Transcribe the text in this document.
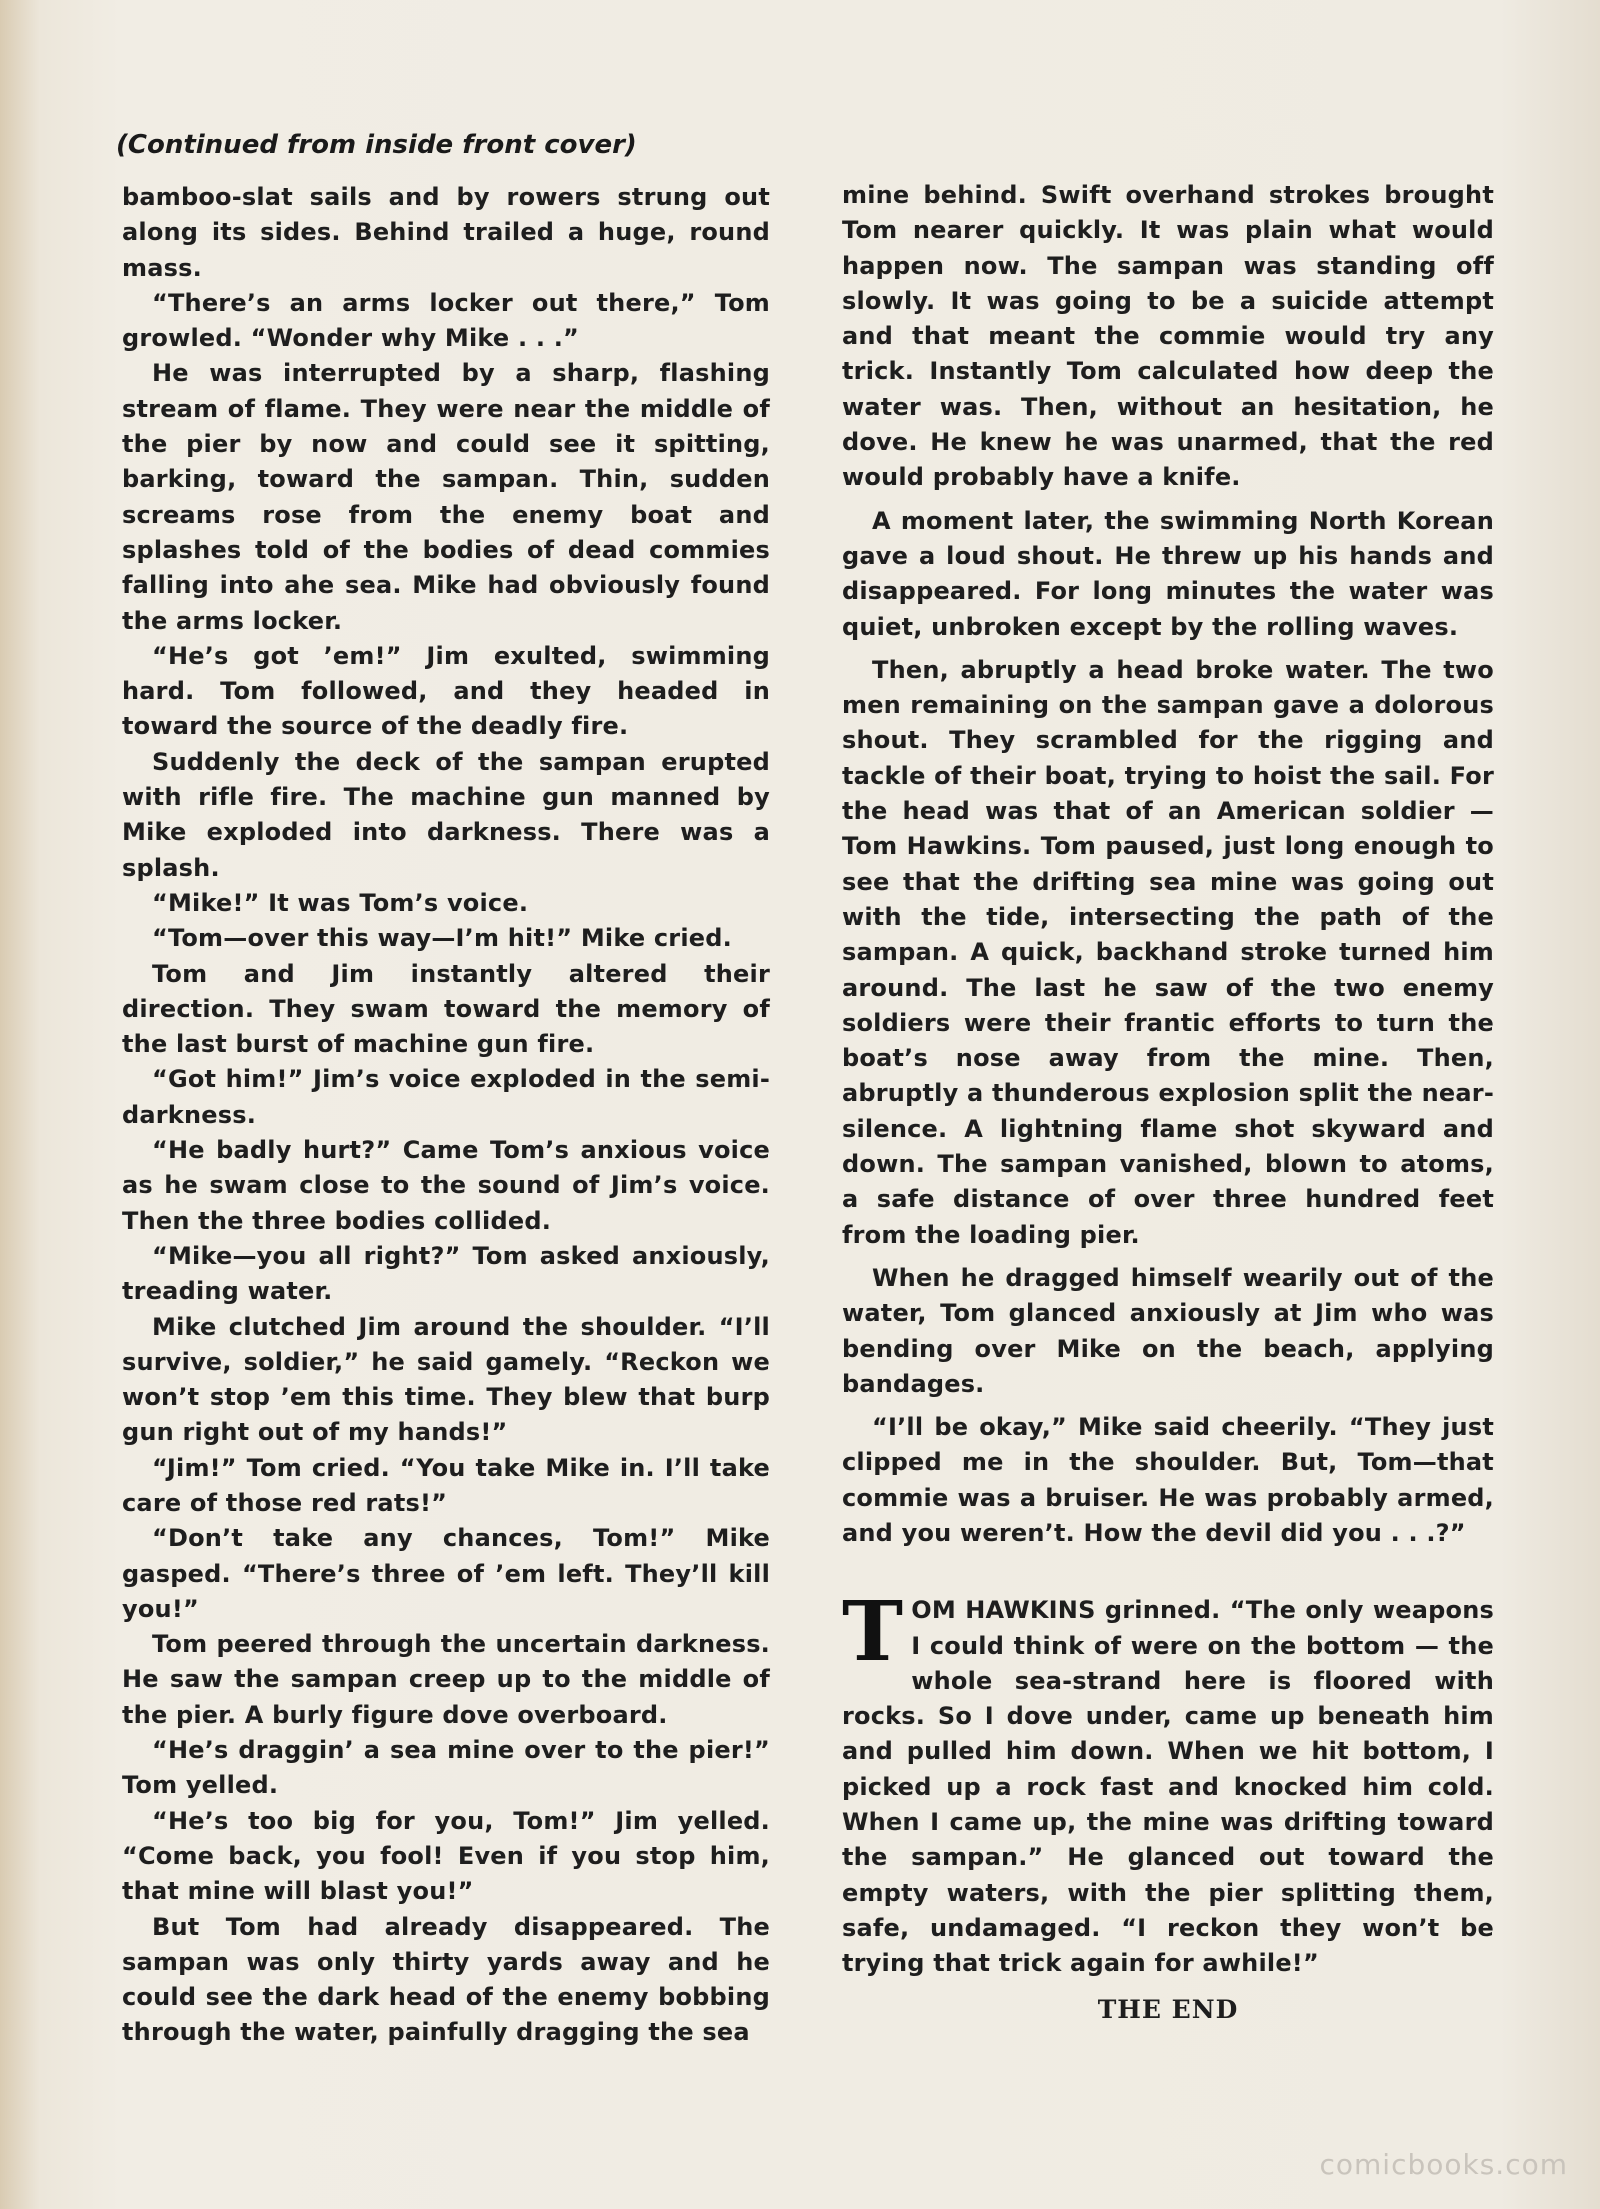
(Continued from inside front cover)

bamboo-slat sails and by rowers strung out along its sides. Behind trailed a huge, round mass.

“There’s an arms locker out there,” Tom growled. “Wonder why Mike . . .”

He was interrupted by a sharp, flashing stream of flame. They were near the middle of the pier by now and could see it spitting, barking, toward the sampan. Thin, sudden screams rose from the enemy boat and splashes told of the bodies of dead commies falling into ahe sea. Mike had obviously found the arms locker.

“He’s got ’em!” Jim exulted, swimming hard. Tom followed, and they headed in toward the source of the deadly fire.

Suddenly the deck of the sampan erupted with rifle fire. The machine gun manned by Mike exploded into darkness. There was a splash.

“Mike!” It was Tom’s voice.

“Tom—over this way—I’m hit!” Mike cried.

Tom and Jim instantly altered their direction. They swam toward the memory of the last burst of machine gun fire.

“Got him!” Jim’s voice exploded in the semi-darkness.

“He badly hurt?” Came Tom’s anxious voice as he swam close to the sound of Jim’s voice. Then the three bodies collided.

“Mike—you all right?” Tom asked anxiously, treading water.

Mike clutched Jim around the shoulder. “I’ll survive, soldier,” he said gamely. “Reckon we won’t stop ’em this time. They blew that burp gun right out of my hands!”

“Jim!” Tom cried. “You take Mike in. I’ll take care of those red rats!”

“Don’t take any chances, Tom!” Mike gasped. “There’s three of ’em left. They’ll kill you!”

Tom peered through the uncertain darkness. He saw the sampan creep up to the middle of the pier. A burly figure dove overboard.

“He’s draggin’ a sea mine over to the pier!” Tom yelled.

“He’s too big for you, Tom!” Jim yelled. “Come back, you fool! Even if you stop him, that mine will blast you!”

But Tom had already disappeared. The sampan was only thirty yards away and he could see the dark head of the enemy bobbing through the water, painfully dragging the sea

mine behind. Swift overhand strokes brought Tom nearer quickly. It was plain what would happen now. The sampan was standing off slowly. It was going to be a suicide attempt and that meant the commie would try any trick. Instantly Tom calculated how deep the water was. Then, without an hesitation, he dove. He knew he was unarmed, that the red would probably have a knife.

A moment later, the swimming North Korean gave a loud shout. He threw up his hands and disappeared. For long minutes the water was quiet, unbroken except by the rolling waves.

Then, abruptly a head broke water. The two men remaining on the sampan gave a dolorous shout. They scrambled for the rigging and tackle of their boat, trying to hoist the sail. For the head was that of an American soldier —Tom Hawkins. Tom paused, just long enough to see that the drifting sea mine was going out with the tide, intersecting the path of the sampan. A quick, backhand stroke turned him around. The last he saw of the two enemy soldiers were their frantic efforts to turn the boat’s nose away from the mine. Then, abruptly a thunderous explosion split the near-silence. A lightning flame shot skyward and down. The sampan vanished, blown to atoms, a safe distance of over three hundred feet from the loading pier.

When he dragged himself wearily out of the water, Tom glanced anxiously at Jim who was bending over Mike on the beach, applying bandages.

“I’ll be okay,” Mike said cheerily. “They just clipped me in the shoulder. But, Tom—that commie was a bruiser. He was probably armed, and you weren’t. How the devil did you . . .?”

TOM HAWKINS grinned. “The only weapons I could think of were on the bottom — the whole sea-strand here is floored with rocks. So I dove under, came up beneath him and pulled him down. When we hit bottom, I picked up a rock fast and knocked him cold. When I came up, the mine was drifting toward the sampan.” He glanced out toward the empty waters, with the pier splitting them, safe, undamaged. “I reckon they won’t be trying that trick again for awhile!”

THE END
comicbooks.com
